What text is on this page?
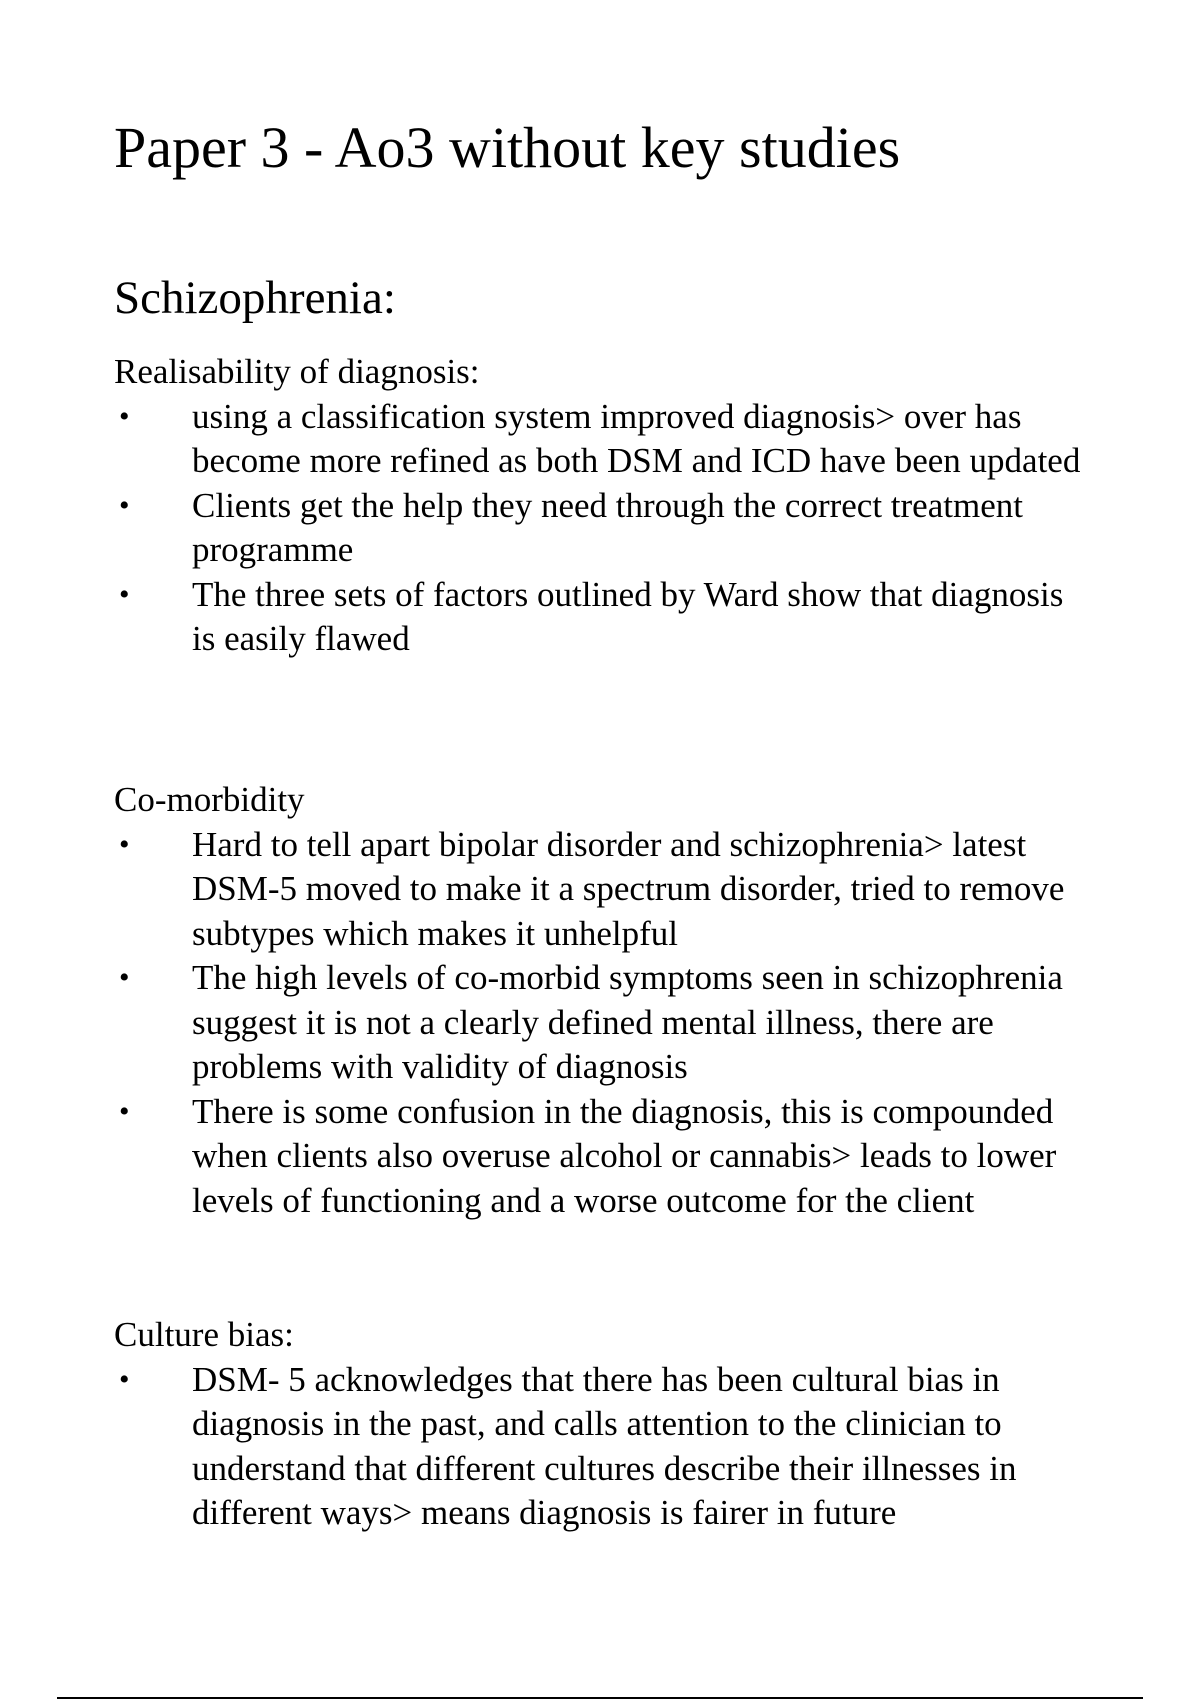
Paper 3 - Ao3 without key studies
Schizophrenia:
Realisability of diagnosis:
• using a classification system improved diagnosis> over has become more refined as both DSM and ICD have been updated
• Clients get the help they need through the correct treatment programme
• The three sets of factors outlined by Ward show that diagnosis is easily flawed
Co-morbidity
• Hard to tell apart bipolar disorder and schizophrenia> latest DSM-5 moved to make it a spectrum disorder, tried to remove subtypes which makes it unhelpful
• The high levels of co-morbid symptoms seen in schizophrenia suggest it is not a clearly defined mental illness, there are problems with validity of diagnosis
• There is some confusion in the diagnosis, this is compounded when clients also overuse alcohol or cannabis> leads to lower levels of functioning and a worse outcome for the client
Culture bias:
• DSM- 5 acknowledges that there has been cultural bias in diagnosis in the past, and calls attention to the clinician to understand that different cultures describe their illnesses in different ways> means diagnosis is fairer in future
